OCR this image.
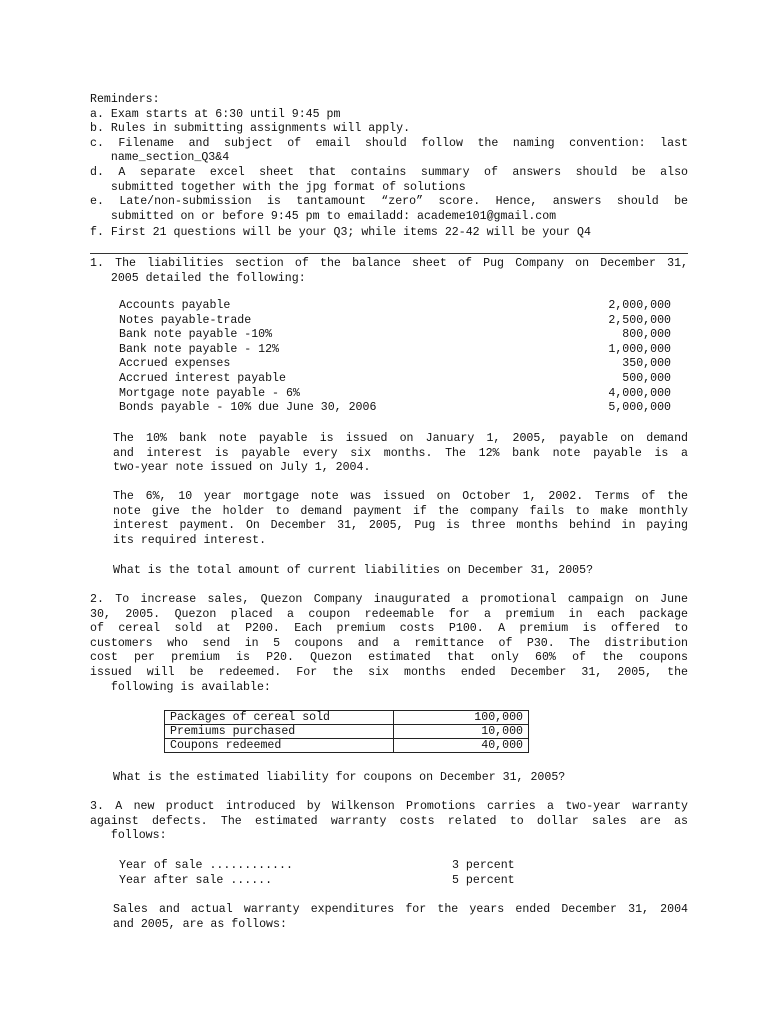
Reminders:
a. Exam starts at 6:30 until 9:45 pm
b. Rules in submitting assignments will apply.
c. Filename and subject of email should follow the naming convention: last
name_section_Q3&4
d. A separate excel sheet that contains summary of answers should be also
submitted together with the jpg format of solutions
e. Late/non-submission is tantamount “zero” score. Hence, answers should be
submitted on or before 9:45 pm to emailadd: academe101@gmail.com
f. First 21 questions will be your Q3; while items 22-42 will be your Q4
1. The liabilities section of the balance sheet of Pug Company on December 31,
2005 detailed the following:
Accounts payable	2,000,000
Notes payable-trade	2,500,000
Bank note payable -10%	800,000
Bank note payable - 12%	1,000,000
Accrued expenses	350,000
Accrued interest payable	500,000
Mortgage note payable - 6%	4,000,000
Bonds payable - 10% due June 30, 2006	5,000,000
The 10% bank note payable is issued on January 1, 2005, payable on demand
and interest is payable every six months. The 12% bank note payable is a
two-year note issued on July 1, 2004.
The 6%, 10 year mortgage note was issued on October 1, 2002. Terms of the
note give the holder to demand payment if the company fails to make monthly
interest payment. On December 31, 2005, Pug is three months behind in paying
its required interest.
What is the total amount of current liabilities on December 31, 2005?
2. To increase sales, Quezon Company inaugurated a promotional campaign on June
30, 2005. Quezon placed a coupon redeemable for a premium in each package
of cereal sold at P200. Each premium costs P100. A premium is offered to
customers who send in 5 coupons and a remittance of P30. The distribution
cost per premium is P20. Quezon estimated that only 60% of the coupons
issued will be redeemed. For the six months ended December 31, 2005, the
following is available:
Packages of cereal sold	100,000
Premiums purchased	10,000
Coupons redeemed	40,000
What is the estimated liability for coupons on December 31, 2005?
3. A new product introduced by Wilkenson Promotions carries a two-year warranty
against defects. The estimated warranty costs related to dollar sales are as
follows:
Year of sale ............	3 percent
Year after sale ......	5 percent
Sales and actual warranty expenditures for the years ended December 31, 2004
and 2005, are as follows:
